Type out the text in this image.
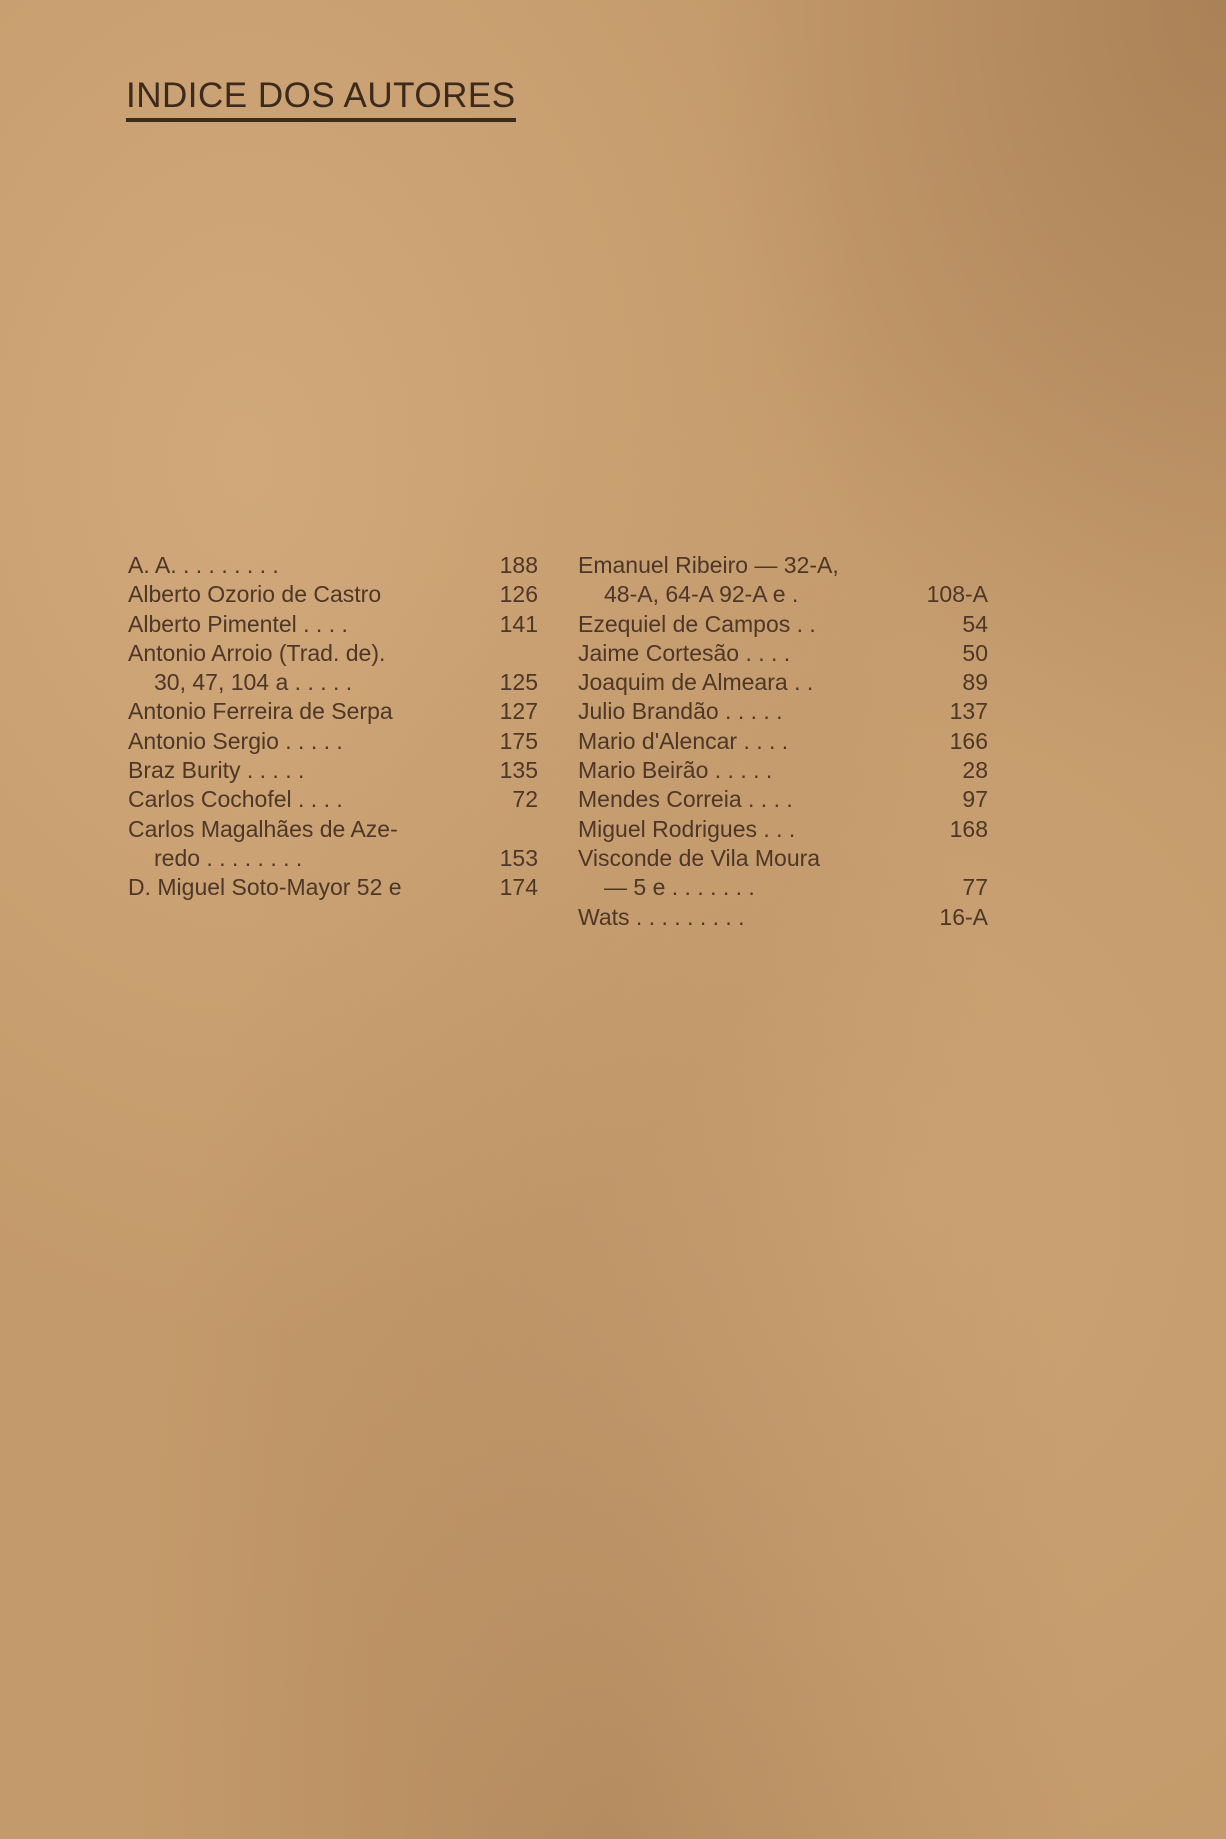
INDICE DOS AUTORES
A. A. . . . . . . . .	188
Alberto Ozorio de Castro	126
Alberto Pimentel . . . .	141
Antonio Arroio (Trad. de).
30, 47, 104 a . . . . .	125
Antonio Ferreira de Serpa	127
Antonio Sergio . . . . .	175
Braz Burity . . . . .	135
Carlos Cochofel . . . .	72
Carlos Magalhães de Aze-
redo . . . . . . . .	153
D. Miguel Soto-Mayor 52 e	174
Emanuel Ribeiro — 32-A,
48-A, 64-A 92-A e .	108-A
Ezequiel de Campos . .	54
Jaime Cortesão . . . .	50
Joaquim de Almeara . .	89
Julio Brandão . . . . .	137
Mario d'Alencar . . . .	166
Mario Beirão . . . . .	28
Mendes Correia . . . .	97
Miguel Rodrigues . . .	168
Visconde de Vila Moura
— 5 e . . . . . . .	77
Wats . . . . . . . . .	16-A
